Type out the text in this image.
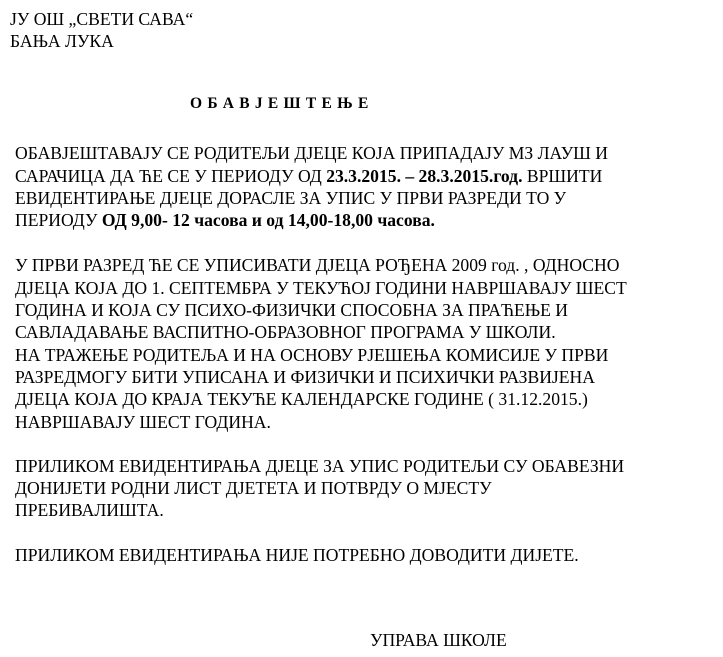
ЈУ ОШ „СВЕТИ САВА“
БАЊА ЛУКА
ОБАВЈЕШТЕЊЕ
ОБАВЈЕШТАВАЈУ СЕ РОДИТЕЉИ ДЈЕЦЕ КОЈА ПРИПАДАЈУ МЗ ЛАУШ И
САРАЧИЦА ДА ЋЕ СЕ У ПЕРИОДУ ОД 23.3.2015. – 28.3.2015.год. ВРШИТИ
ЕВИДЕНТИРАЊЕ ДЈЕЦЕ ДОРАСЛЕ ЗА УПИС У ПРВИ РАЗРЕДИ ТО У
ПЕРИОДУ ОД 9,00- 12 часова и од 14,00-18,00 часова.
У ПРВИ РАЗРЕД ЋЕ СЕ УПИСИВАТИ ДЈЕЦА РОЂЕНА 2009 год. , ОДНОСНО
ДЈЕЦА КОЈА ДО 1. СЕПТЕМБРА У ТЕКУЋОЈ ГОДИНИ НАВРШАВАЈУ ШЕСТ
ГОДИНА И КОЈА СУ ПСИХО-ФИЗИЧКИ СПОСОБНА ЗА ПРАЋЕЊЕ И
САВЛАДАВАЊЕ ВАСПИТНО-ОБРАЗОВНОГ ПРОГРАМА У ШКОЛИ.
НА ТРАЖЕЊЕ РОДИТЕЉА И НА ОСНОВУ РЈЕШЕЊА КОМИСИЈЕ У ПРВИ
РАЗРЕДМОГУ БИТИ УПИСАНА И ФИЗИЧКИ И ПСИХИЧКИ РАЗВИЈЕНА
ДЈЕЦА КОЈА ДО КРАЈА ТЕКУЋЕ КАЛЕНДАРСКЕ ГОДИНЕ ( 31.12.2015.)
НАВРШАВАЈУ ШЕСТ ГОДИНА.
ПРИЛИКОМ ЕВИДЕНТИРАЊА ДЈЕЦЕ ЗА УПИС РОДИТЕЉИ СУ ОБАВЕЗНИ
ДОНИЈЕТИ РОДНИ ЛИСТ ДЈЕТЕТА И ПОТВРДУ О МЈЕСТУ
ПРЕБИВАЛИШТА.
ПРИЛИКОМ ЕВИДЕНТИРАЊА НИЈЕ ПОТРЕБНО ДОВОДИТИ ДИЈЕТЕ.
УПРАВА ШКОЛЕ
